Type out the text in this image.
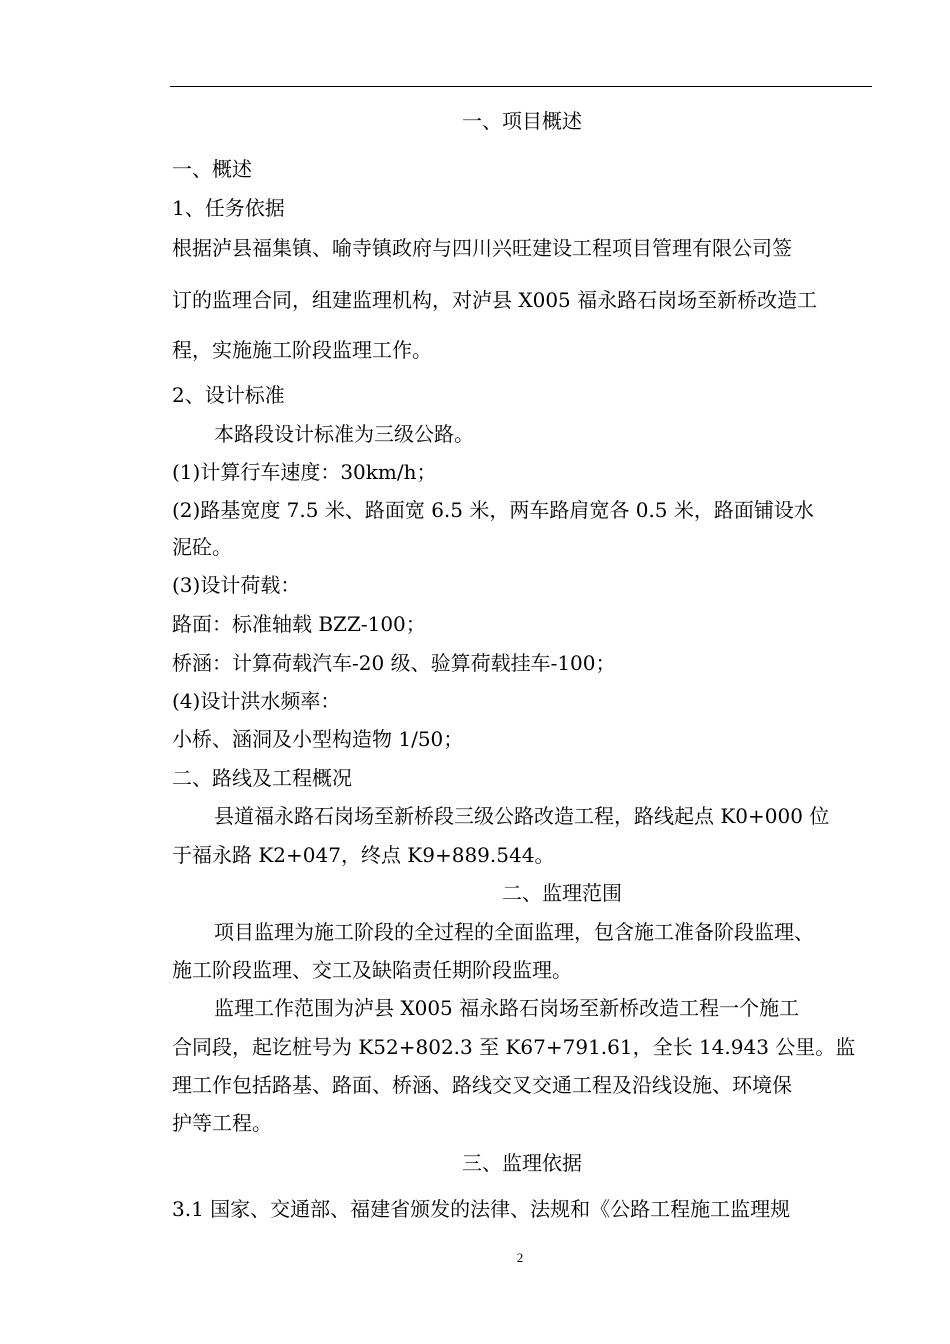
一、项目概述
一、概述
1、任务依据
根据泸县福集镇、喻寺镇政府与四川兴旺建设工程项目管理有限公司签
订的监理合同，组建监理机构，对泸县 X005 福永路石岗场至新桥改造工
程，实施施工阶段监理工作。
2、设计标准
本路段设计标准为三级公路。
(1)计算行车速度：30km/h；
(2)路基宽度 7.5 米、路面宽 6.5 米，两车路肩宽各 0.5 米，路面铺设水
泥砼。
(3)设计荷载：
路面：标准轴载 BZZ-100；
桥涵：计算荷载汽车-20 级、验算荷载挂车-100；
(4)设计洪水频率：
小桥、涵洞及小型构造物 1/50；
二、路线及工程概况
县道福永路石岗场至新桥段三级公路改造工程，路线起点 K0+000 位
于福永路 K2+047，终点 K9+889.544。
二、监理范围
项目监理为施工阶段的全过程的全面监理，包含施工准备阶段监理、
施工阶段监理、交工及缺陷责任期阶段监理。
监理工作范围为泸县 X005 福永路石岗场至新桥改造工程一个施工
合同段，起讫桩号为 K52+802.3 至 K67+791.61，全长 14.943 公里。监
理工作包括路基、路面、桥涵、路线交叉交通工程及沿线设施、环境保
护等工程。
三、监理依据
3.1 国家、交通部、福建省颁发的法律、法规和《公路工程施工监理规
2
